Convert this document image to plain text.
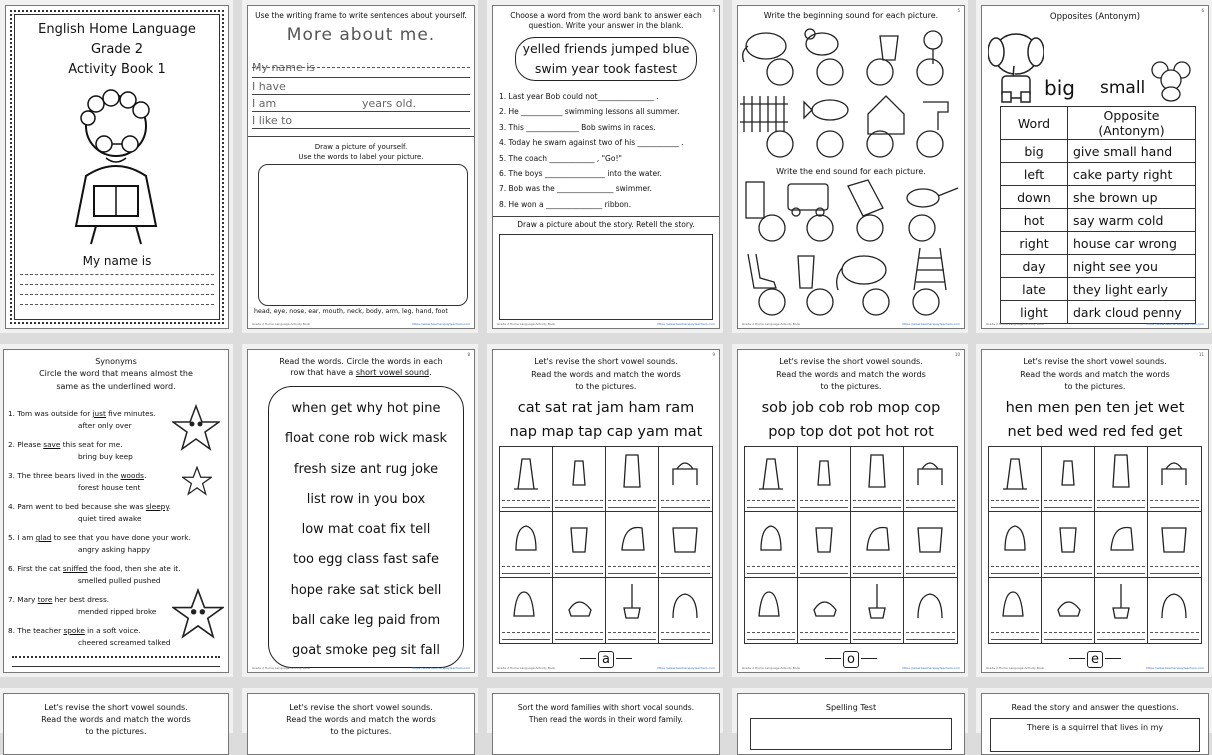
English Home Language
Grade 2
Activity Book 1
My name is
Use the writing frame to write sentences about yourself.
More about me.
My name is
I have
I am	years old.
I like to
Draw a picture of yourself.
Use the words to label your picture.
head, eye, nose, ear, mouth, neck, body, arm, leg, hand, foot
Grade 2 Home Language Activity Book	https://www.teacherspayteachers.com
4
Choose a word from the word bank to answer each question. Write your answer in the blank.
yelled friends jumped blue
swim year took fastest
1. Last year Bob could not_______________ .
2. He ___________ swimming lessons all summer.
3. This ______________ Bob swims in races.
4. Today he swam against two of his ___________ .
5. The coach ____________ , "Go!"
6. The boys ________________ into the water.
7. Bob was the _______________ swimmer.
8. He won a _______________ ribbon.
Draw a picture about the story. Retell the story.
Grade 2 Home Language Activity Book	https://www.teacherspayteachers.com
5
Write the beginning sound for each picture.
Write the end sound for each picture.
Grade 2 Home Language Activity Book	https://www.teacherspayteachers.com
6
Opposites (Antonym)
big small
Word	Opposite (Antonym)
big	give small hand
left	cake party right
down	she brown up
hot	say warm cold
right	house car wrong
day	night see you
late	they light early
light	dark cloud penny
Grade 2 Home Language Activity Book	https://www.teacherspayteachers.com
Synonyms
Circle the word that means almost the
same as the underlined word.
1. Tom was outside for just five minutes.
after only over
2. Please save this seat for me.
bring buy keep
3. The three bears lived in the woods.
forest house tent
4. Pam went to bed because she was sleepy.
quiet tired awake
5. I am glad to see that you have done your work.
angry asking happy
6. First the cat sniffed the food, then she ate it.
smelled pulled pushed
7. Mary tore her best dress.
mended ripped broke
8. The teacher spoke in a soft voice.
cheered screamed talked
8
Read the words. Circle the words in each
row that have a short vowel sound.
when get why hot pine
float cone rob wick mask
fresh size ant rug joke
list row in you box
low mat coat fix tell
too egg class fast safe
hope rake sat stick bell
ball cake leg paid from
goat smoke peg sit fall
Grade 2 Home Language Activity Book	https://www.teacherspayteachers.com
9
Let's revise the short vowel sounds.
Read the words and match the words
to the pictures.
cat sat rat jam ham ram
nap map tap cap yam mat
a
Grade 2 Home Language Activity Book	https://www.teacherspayteachers.com
10
Let's revise the short vowel sounds.
Read the words and match the words
to the pictures.
sob job cob rob mop cop
pop top dot pot hot rot
o
Grade 2 Home Language Activity Book	https://www.teacherspayteachers.com
11
Let's revise the short vowel sounds.
Read the words and match the words
to the pictures.
hen men pen ten jet wet
net bed wed red fed get
e
Grade 2 Home Language Activity Book	https://www.teacherspayteachers.com
Let's revise the short vowel sounds.
Read the words and match the words
to the pictures.
Let's revise the short vowel sounds.
Read the words and match the words
to the pictures.
Sort the word families with short vocal sounds.
Then read the words in their word family.
Spelling Test	Read the story and answer the questions.
There is a squirrel that lives in my
